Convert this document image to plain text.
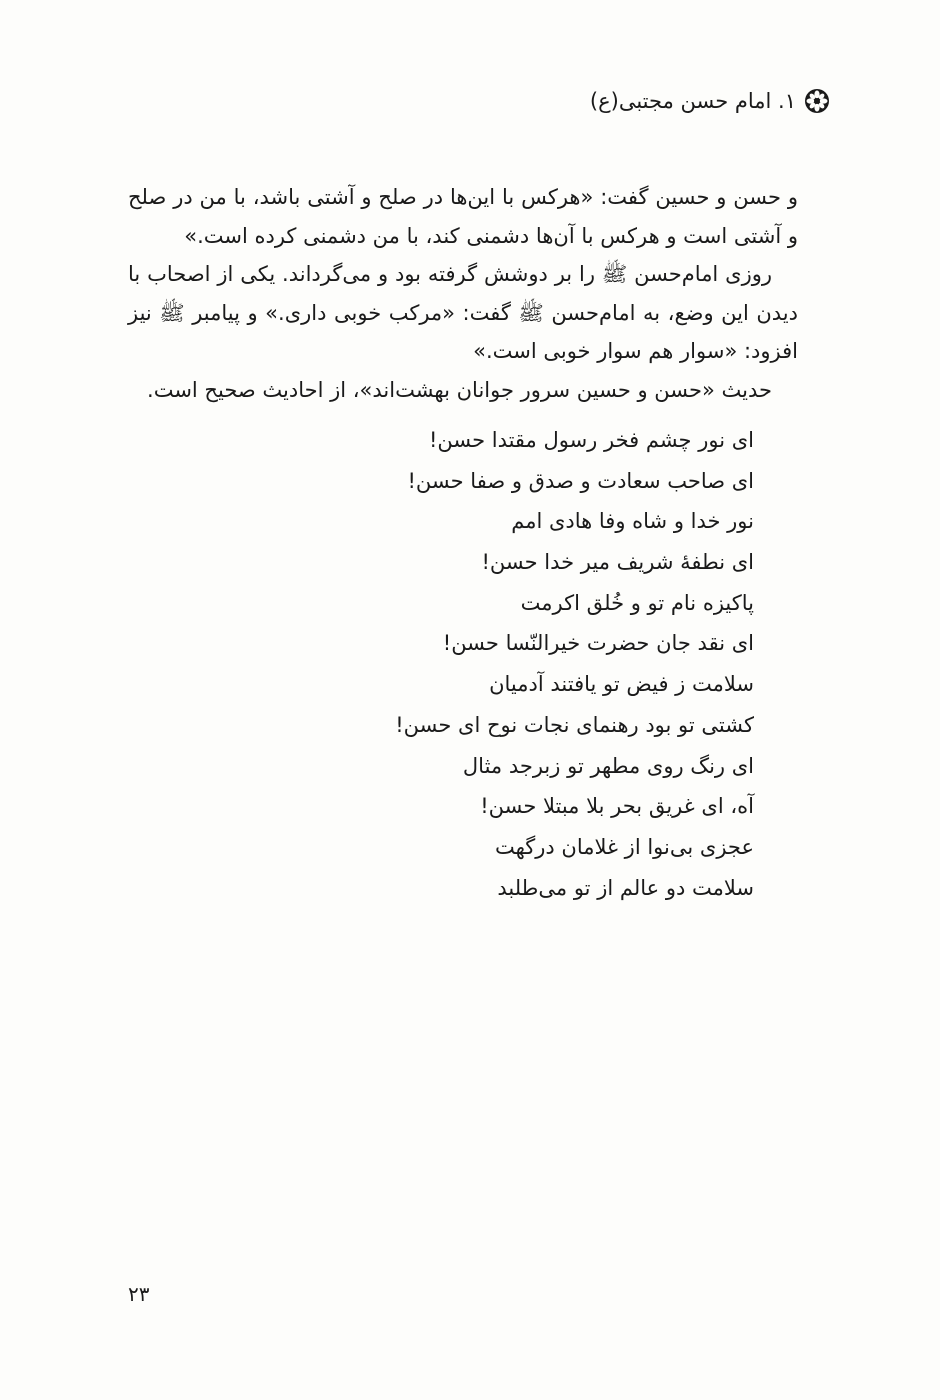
۱. امام حسن مجتبی(ع)

و حسن و حسین گفت: «هرکس با این‌ها در صلح و آشتی باشد، با من در صلح و آشتی است و هرکس با آن‌ها دشمنی کند، با من دشمنی کرده است.»

روزی امام‌حسن ﷺ را بر دوشش گرفته بود و می‌گرداند. یکی از اصحاب با دیدن این وضع، به امام‌حسن ﷺ گفت: «مرکب خوبی داری.» و پیامبر ﷺ نیز افزود: «سوار هم سوار خوبی است.»

حدیث «حسن و حسین سرور جوانان بهشت‌اند»، از احادیث صحیح است.

ای نور چشم فخر رسول مقتدا حسن!
ای صاحب سعادت و صدق و صفا حسن!
نور خدا و شاه وفا هادی امم
ای نطفهٔ شریف میر خدا حسن!
پاکیزه نام تو و خُلق اکرمت
ای نقد جان حضرت خیرالنّسا حسن!
سلامت ز فیض تو یافتند آدمیان
کشتی تو بود رهنمای نجات نوح ای حسن!
ای رنگ روی مطهر تو زبرجد مثال
آه، ای غریق بحر بلا مبتلا حسن!
عجزی بی‌نوا از غلامان درگهت
سلامت دو عالم از تو می‌طلبد
۲۳
